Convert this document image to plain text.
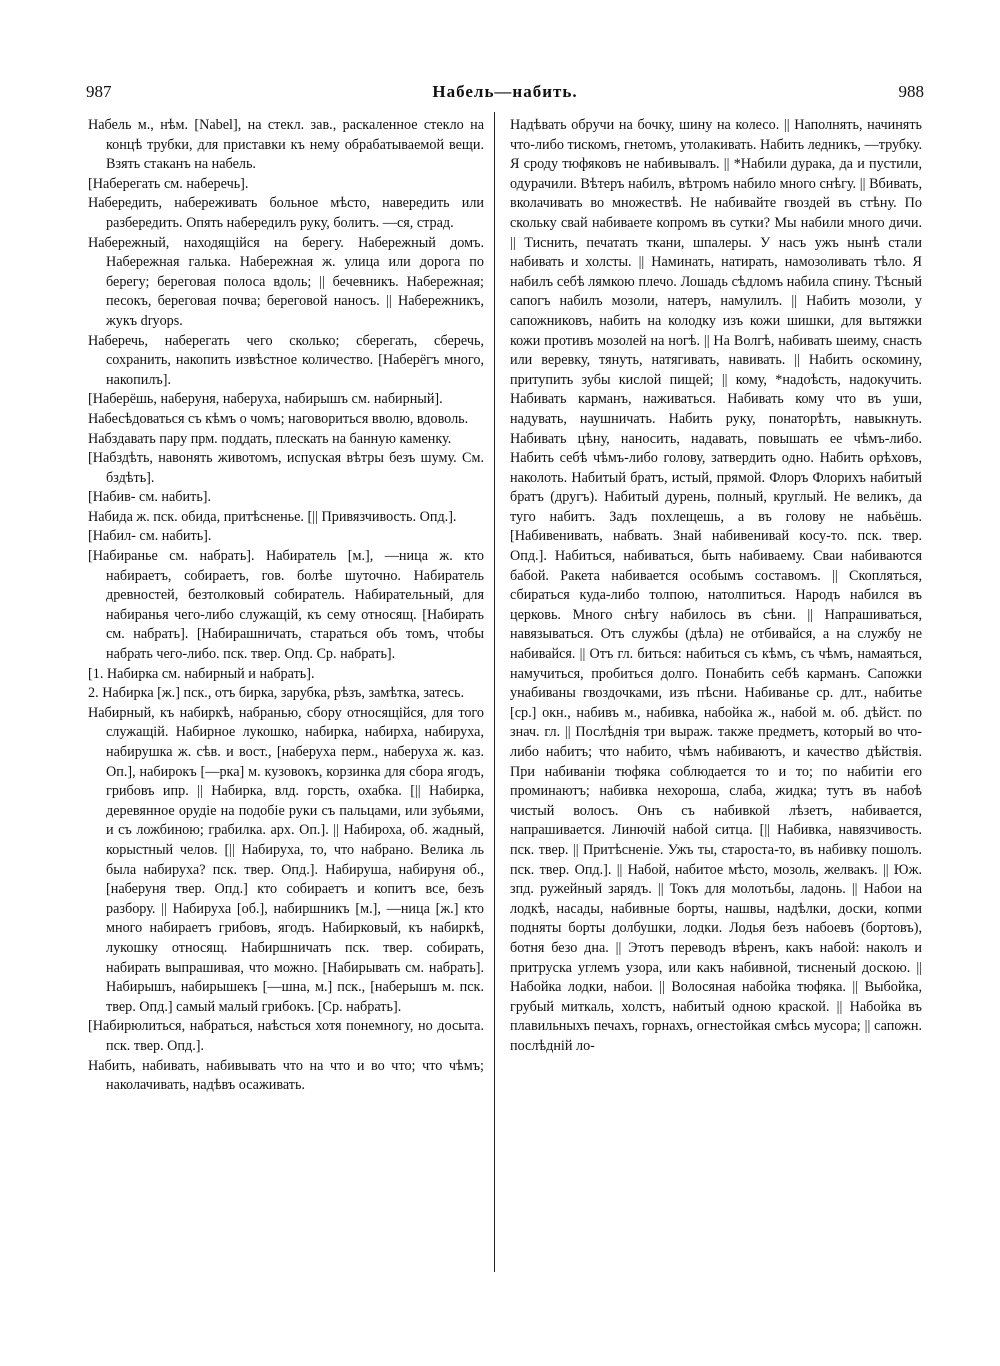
987	Набель—набить.	988
Набель м., нѣм. [Nabel], на стекл. зав., раскаленное стекло на концѣ трубки, для приставки къ нему обрабатываемой вещи. Взять стаканъ на набель.
[Наберегать см. наберечь].
Набередить, набереживать больное мѣсто, навередить или разбередить. Опять набередилъ руку, болитъ. —ся, страд.
Набережный, находящійся на берегу. Набережный домъ. Набережная галька. Набережная ж. улица или дорога по берегу; береговая полоса вдоль; || бечевникъ. Набережная; песокъ, береговая почва; береговой наносъ. || Набережникъ, жукъ dryops.
Наберечь, наберегать чего сколько; сберегать, сберечь, сохранить, накопить извѣстное количество. [Наберёгъ много, накопилъ].
[Наберёшь, наберуня, наберуха, набирышъ см. набирный].
Набесѣдоваться съ кѣмъ о чомъ; наговориться вволю, вдоволь.
Набздавать пару прм. поддать, плескать на банную каменку.
[Набздѣть, навонять животомъ, испуская вѣтры безъ шуму. См. бздѣть].
[Набив- см. набить].
Набида ж. пск. обида, притѣсненье. [|| Привязчивость. Опд.].
[Набил- см. набить].
[Набиранье см. набрать]. Набиратель [м.], —ница ж. кто набираетъ, собираетъ, гов. болѣе шуточно. Набиратель древностей, безтолковый собиратель. Набирательный, для набиранья чего-либо служащій, къ сему относящ. [Набирать см. набрать]. [Набирашничать, стараться объ томъ, чтобы набрать чего-либо. пск. твер. Опд. Ср. набрать].
[1. Набирка см. набирный и набрать].
2. Набирка [ж.] пск., отъ бирка, зарубка, рѣзъ, замѣтка, затесь.
Набирный, къ набиркѣ, набранью, сбору относящійся, для того служащій. Набирное лукошко, набирка, набирха, набируха, набирушка ж. сѣв. и вост., [наберуха перм., наберуха ж. каз. Оп.], набирокъ [—рка] м. кузовокъ, корзинка для сбора ягодъ, грибовъ ипр. || Набирка, влд. горсть, охабка. [|| Набирка, деревянное орудіе на подобіе руки съ пальцами, или зубьями, и съ ложбиною; грабилка. арх. Оп.]. || Набироха, об. жадный, корыстный челов. [|| Набируха, то, что набрано. Велика ль была набируха? пск. твер. Опд.]. Набируша, набируня об., [наберуня твер. Опд.] кто собираетъ и копитъ все, безъ разбору. || Набируха [об.], набиршникъ [м.], —ница [ж.] кто много набираетъ грибовъ, ягодъ. Набирковый, къ набиркѣ, лукошку относящ. Набиршничать пск. твер. собирать, набирать выпрашивая, что можно. [Набирывать см. набрать]. Набирышъ, набирышекъ [—шна, м.] пск., [наберышъ м. пск. твер. Опд.] самый малый грибокъ. [Ср. набрать].
[Набирюлиться, набраться, наѣсться хотя понемногу, но досыта. пск. твер. Опд.].
Набить, набивать, набивывать что на что и во что; что чѣмъ; наколачивать, надѣвъ осаживать.
Надѣвать обручи на бочку, шину на колесо. || Наполнять, начинять что-либо тискомъ, гнетомъ, утолакивать. Набить ледникъ, —трубку. Я сроду тюфяковъ не набивывалъ. || *Набили дурака, да и пустили, одурачили. Вѣтеръ набилъ, вѣтромъ набило много снѣгу. || Вбивать, вколачивать во множествѣ. Не набивайте гвоздей въ стѣну. По скольку свай набиваете копромъ въ сутки? Мы набили много дичи. || Тиснить, печатать ткани, шпалеры. У насъ ужъ нынѣ стали набивать и холсты. || Наминать, натирать, намозоливать тѣло. Я набилъ себѣ лямкою плечо. Лошадь сѣдломъ набила спину. Тѣсный сапогъ набилъ мозоли, натеръ, намулилъ. || Набить мозоли, у сапожниковъ, набить на колодку изъ кожи шишки, для вытяжки кожи противъ мозолей на ногѣ. || На Волгѣ, набивать шеиму, снасть или веревку, тянуть, натягивать, навивать. || Набить оскомину, притупить зубы кислой пищей; || кому, *надоѣсть, надокучить. Набивать карманъ, наживаться. Набивать кому что въ уши, надувать, наушничать. Набить руку, понаторѣть, навыкнуть. Набивать цѣну, наносить, надавать, повышать ее чѣмъ-либо. Набить себѣ чѣмъ-либо голову, затвердить одно. Набить орѣховъ, наколоть. Набитый братъ, истый, прямой. Флоръ Флорихъ набитый братъ (другъ). Набитый дурень, полный, круглый. Не великъ, да туго набитъ. Задъ похлещешь, а въ голову не набьёшь. [Набивенивать, набвать. Знай набивенивай косу-то. пск. твер. Опд.]. Набиться, набиваться, быть набиваему. Сваи набиваются бабой. Ракета набивается особымъ составомъ. || Скопляться, сбираться куда-либо толпою, натолпиться. Народъ набился въ церковь. Много снѣгу набилось въ сѣни. || Напрашиваться, навязываться. Отъ службы (дѣла) не отбивайся, а на службу не набивайся. || Отъ гл. биться: набиться съ кѣмъ, съ чѣмъ, намаяться, намучиться, пробиться долго. Понабить себѣ карманъ. Сапожки унабиваны гвоздочками, изъ пѣсни. Набиванье ср. длт., набитье [ср.] окн., набивъ м., набивка, набойка ж., набой м. об. дѣйст. по знач. гл. || Послѣднія три выраж. также предметъ, который во что-либо набитъ; что набито, чѣмъ набиваютъ, и качество дѣйствія. При набиваніи тюфяка соблюдается то и то; по набитіи его проминаютъ; набивка нехороша, слаба, жидка; тутъ въ набоѣ чистый волосъ. Онъ съ набивкой лѣзетъ, набивается, напрашивается. Линючій набой ситца. [|| Набивка, навязчивость. пск. твер. || Притѣсненіе. Ужъ ты, староста-то, въ набивку пошолъ. пск. твер. Опд.]. || Набой, набитое мѣсто, мозоль, желвакъ. || Юж. зпд. ружейный зарядъ. || Токъ для молотьбы, ладонь. || Набои на лодкѣ, насады, набивные борты, нашвы, надѣлки, доски, копми подняты борты долбушки, лодки. Лодья безъ набоевъ (бортовъ), ботня безо дна. || Этотъ переводъ вѣренъ, какъ набой: наколъ и притруска углемъ узора, или какъ набивной, тисненый доскою. || Набойка лодки, набои. || Волосяная набойка тюфяка. || Выбойка, грубый миткаль, холстъ, набитый одною краской. || Набойка въ плавильныхъ печахъ, горнахъ, огнестойкая смѣсь мусора; || сапожн. послѣдній ло-
